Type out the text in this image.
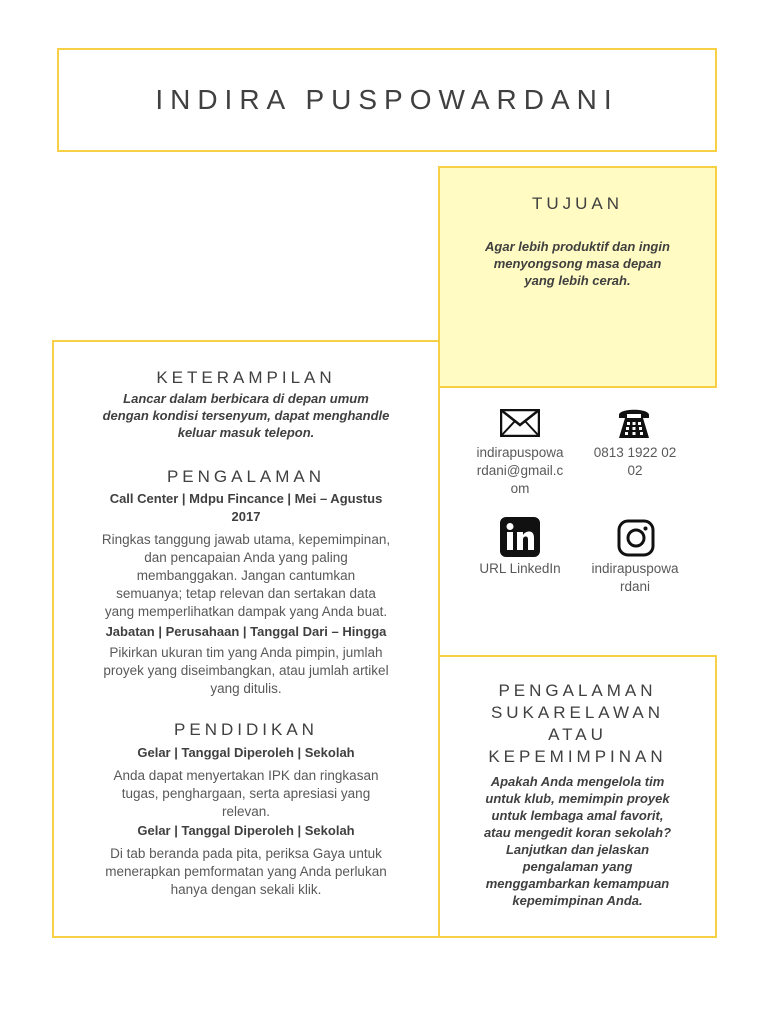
INDIRA PUSPOWARDANI
TUJUAN

Agar lebih produktif dan ingin

menyongsong masa depan

yang lebih cerah.

KETERAMPILAN

Lancar dalam berbicara di depan umum

dengan kondisi tersenyum, dapat menghandle

keluar masuk telepon.

PENGALAMAN

Call Center | Mdpu Fincance | Mei – Agustus

2017

Ringkas tanggung jawab utama, kepemimpinan,

dan pencapaian Anda yang paling

membanggakan. Jangan cantumkan

semuanya; tetap relevan dan sertakan data

yang memperlihatkan dampak yang Anda buat.

Jabatan | Perusahaan | Tanggal Dari – Hingga

Pikirkan ukuran tim yang Anda pimpin, jumlah

proyek yang diseimbangkan, atau jumlah artikel

yang ditulis.

PENDIDIKAN

Gelar | Tanggal Diperoleh | Sekolah

Anda dapat menyertakan IPK dan ringkasan

tugas, penghargaan, serta apresiasi yang

relevan.

Gelar | Tanggal Diperoleh | Sekolah

Di tab beranda pada pita, periksa Gaya untuk

menerapkan pemformatan yang Anda perlukan

hanya dengan sekali klik.

indirapuspowa
rdani@gmail.c
om
0813 1922 02
02
URL LinkedIn	indirapuspowa
rdani
PENGALAMAN
SUKARELAWAN
ATAU
KEPEMIMPINAN

Apakah Anda mengelola tim

untuk klub, memimpin proyek

untuk lembaga amal favorit,

atau mengedit koran sekolah?

Lanjutkan dan jelaskan

pengalaman yang

menggambarkan kemampuan

kepemimpinan Anda.
